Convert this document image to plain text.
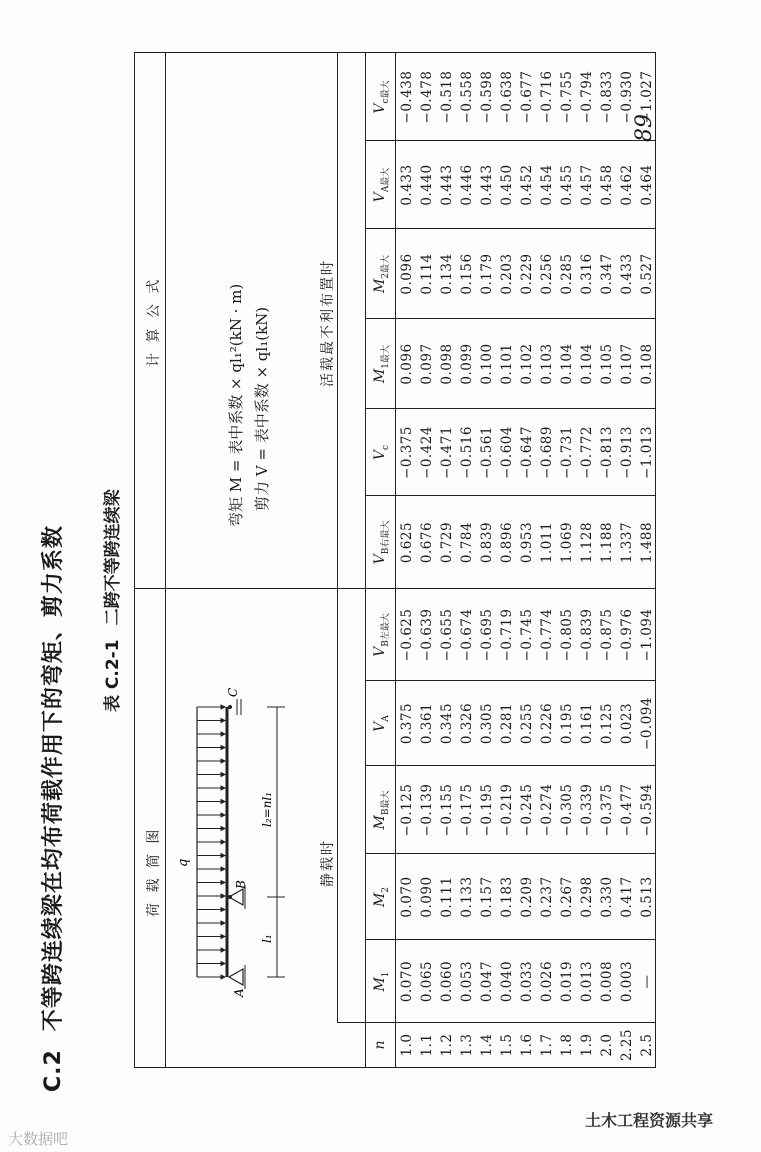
C.2不等跨连续梁在均布荷载作用下的弯矩、剪力系数 表 C.2-1二跨不等跨连续梁
荷 载 简 图
计 算 公 式
q
A
B
C
l₁
l₂=nl₁
弯矩 M = 表中系数 × ql₁²(kN · m) 剪力 V = 表中系数 × ql₁(kN)
静载时
活载最不利布置时
n
$M_1$
$M_2$
$M_{B最大}$
$V_A$
$V_{B左最大}$
$V_{B右最大}$
$V_c$
$M_{1最大}$
$M_{2最大}$
$V_{A最大}$
$V_{c最大}$
1.0
0.070
0.070
−0.125
0.375
−0.625
0.625
−0.375
0.096
0.096
0.433
−0.438
1.1
0.065
0.090
−0.139
0.361
−0.639
0.676
−0.424
0.097
0.114
0.440
−0.478
1.2
0.060
0.111
−0.155
0.345
−0.655
0.729
−0.471
0.098
0.134
0.443
−0.518
1.3
0.053
0.133
−0.175
0.326
−0.674
0.784
−0.516
0.099
0.156
0.446
−0.558
1.4
0.047
0.157
−0.195
0.305
−0.695
0.839
−0.561
0.100
0.179
0.443
−0.598
1.5
0.040
0.183
−0.219
0.281
−0.719
0.896
−0.604
0.101
0.203
0.450
−0.638
1.6
0.033
0.209
−0.245
0.255
−0.745
0.953
−0.647
0.102
0.229
0.452
−0.677
1.7
0.026
0.237
−0.274
0.226
−0.774
1.011
−0.689
0.103
0.256
0.454
−0.716
1.8
0.019
0.267
−0.305
0.195
−0.805
1.069
−0.731
0.104
0.285
0.455
−0.755
1.9
0.013
0.298
−0.339
0.161
−0.839
1.128
−0.772
0.104
0.316
0.457
−0.794
2.0
0.008
0.330
−0.375
0.125
−0.875
1.188
−0.813
0.105
0.347
0.458
−0.833
2.25
0.003
0.417
−0.477
0.023
−0.976
1.337
−0.913
0.107
0.433
0.462
−0.930
2.5
—
0.513
−0.594
−0.094
−1.094
1.488
−1.013
0.108
0.527
0.464
−1.027
89
大数据吧
土木工程资源共享
